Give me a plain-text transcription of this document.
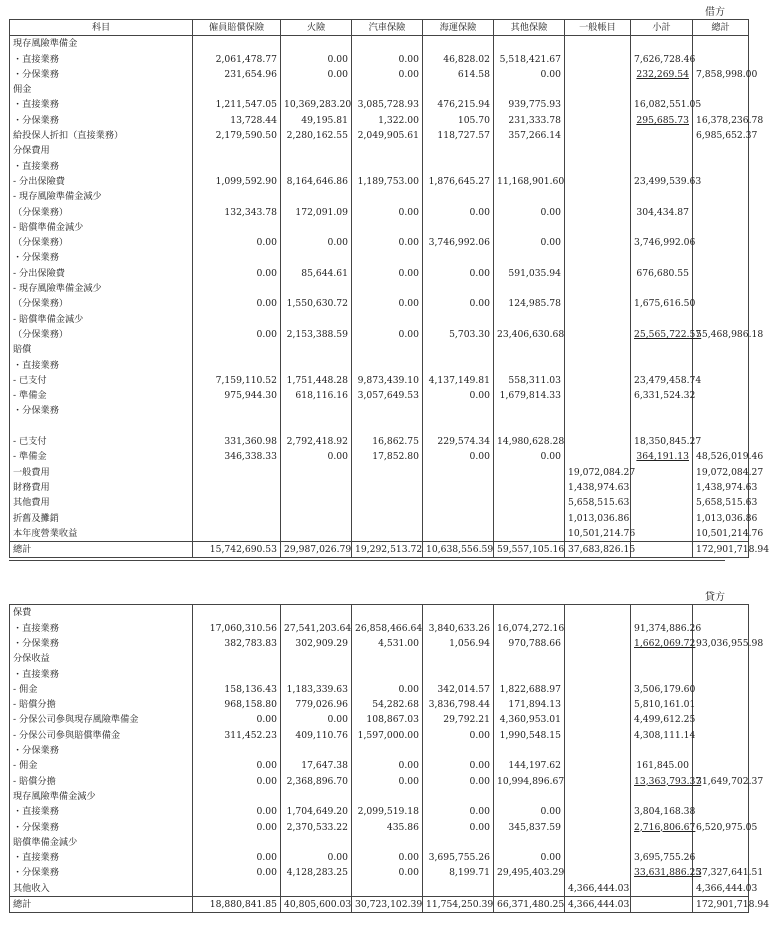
借方
科目	僱員賠償保險	火險	汽車保險	海運保險	其他保險	一般帳目	小計	總計
現存風險準備金								
・直接業務	2,061,478.77	0.00	0.00	46,828.02	5,518,421.67		7,626,728.46	
・分保業務	231,654.96	0.00	0.00	614.58	0.00		232,269.54	7,858,998.00
佣金								
・直接業務	1,211,547.05	10,369,283.20	3,085,728.93	476,215.94	939,775.93		16,082,551.05	
・分保業務	13,728.44	49,195.81	1,322.00	105.70	231,333.78		295,685.73	16,378,236.78
給投保人折扣（直接業務）	2,179,590.50	2,280,162.55	2,049,905.61	118,727.57	357,266.14			6,985,652.37
分保費用								
・直接業務								
- 分出保險費	1,099,592.90	8,164,646.86	1,189,753.00	1,876,645.27	11,168,901.60		23,499,539.63	
- 現存風險準備金減少								
（分保業務）	132,343.78	172,091.09	0.00	0.00	0.00		304,434.87	
- 賠償準備金減少								
（分保業務）	0.00	0.00	0.00	3,746,992.06	0.00		3,746,992.06	
・分保業務								
- 分出保險費	0.00	85,644.61	0.00	0.00	591,035.94		676,680.55	
- 現存風險準備金減少								
（分保業務）	0.00	1,550,630.72	0.00	0.00	124,985.78		1,675,616.50	
- 賠償準備金減少								
（分保業務）	0.00	2,153,388.59	0.00	5,703.30	23,406,630.68		25,565,722.57	55,468,986.18
賠償								
・直接業務								
- 已支付	7,159,110.52	1,751,448.28	9,873,439.10	4,137,149.81	558,311.03		23,479,458.74	
- 準備金	975,944.30	618,116.16	3,057,649.53	0.00	1,679,814.33		6,331,524.32	
・分保業務								

- 已支付	331,360.98	2,792,418.92	16,862.75	229,574.34	14,980,628.28		18,350,845.27	
- 準備金	346,338.33	0.00	17,852.80	0.00	0.00		364,191.13	48,526,019.46
一般費用						19,072,084.27		19,072,084.27
財務費用						1,438,974.63		1,438,974.63
其他費用						5,658,515.63		5,658,515.63
折舊及攤銷						1,013,036.86		1,013,036.86
本年度營業收益						10,501,214.76		10,501,214.76
總計	15,742,690.53	29,987,026.79	19,292,513.72	10,638,556.59	59,557,105.16	37,683,826.15		172,901,718.94
貸方
保費								
・直接業務	17,060,310.56	27,541,203.64	26,858,466.64	3,840,633.26	16,074,272.16		91,374,886.26	
・分保業務	382,783.83	302,909.29	4,531.00	1,056.94	970,788.66		1,662,069.72	93,036,955.98
分保收益								
・直接業務								
- 佣金	158,136.43	1,183,339.63	0.00	342,014.57	1,822,688.97		3,506,179.60	
- 賠償分擔	968,158.80	779,026.96	54,282.68	3,836,798.44	171,894.13		5,810,161.01	
- 分保公司參與現存風險準備金	0.00	0.00	108,867.03	29,792.21	4,360,953.01		4,499,612.25	
- 分保公司參與賠償準備金	311,452.23	409,110.76	1,597,000.00	0.00	1,990,548.15		4,308,111.14	
・分保業務								
- 佣金	0.00	17,647.38	0.00	0.00	144,197.62		161,845.00	
- 賠償分擔	0.00	2,368,896.70	0.00	0.00	10,994,896.67		13,363,793.37	31,649,702.37
現存風險準備金減少								
・直接業務	0.00	1,704,649.20	2,099,519.18	0.00	0.00		3,804,168.38	
・分保業務	0.00	2,370,533.22	435.86	0.00	345,837.59		2,716,806.67	6,520,975.05
賠償準備金減少								
・直接業務	0.00	0.00	0.00	3,695,755.26	0.00		3,695,755.26	
・分保業務	0.00	4,128,283.25	0.00	8,199.71	29,495,403.29		33,631,886.25	37,327,641.51
其他收入						4,366,444.03		4,366,444.03
總計	18,880,841.85	40,805,600.03	30,723,102.39	11,754,250.39	66,371,480.25	4,366,444.03		172,901,718.94
